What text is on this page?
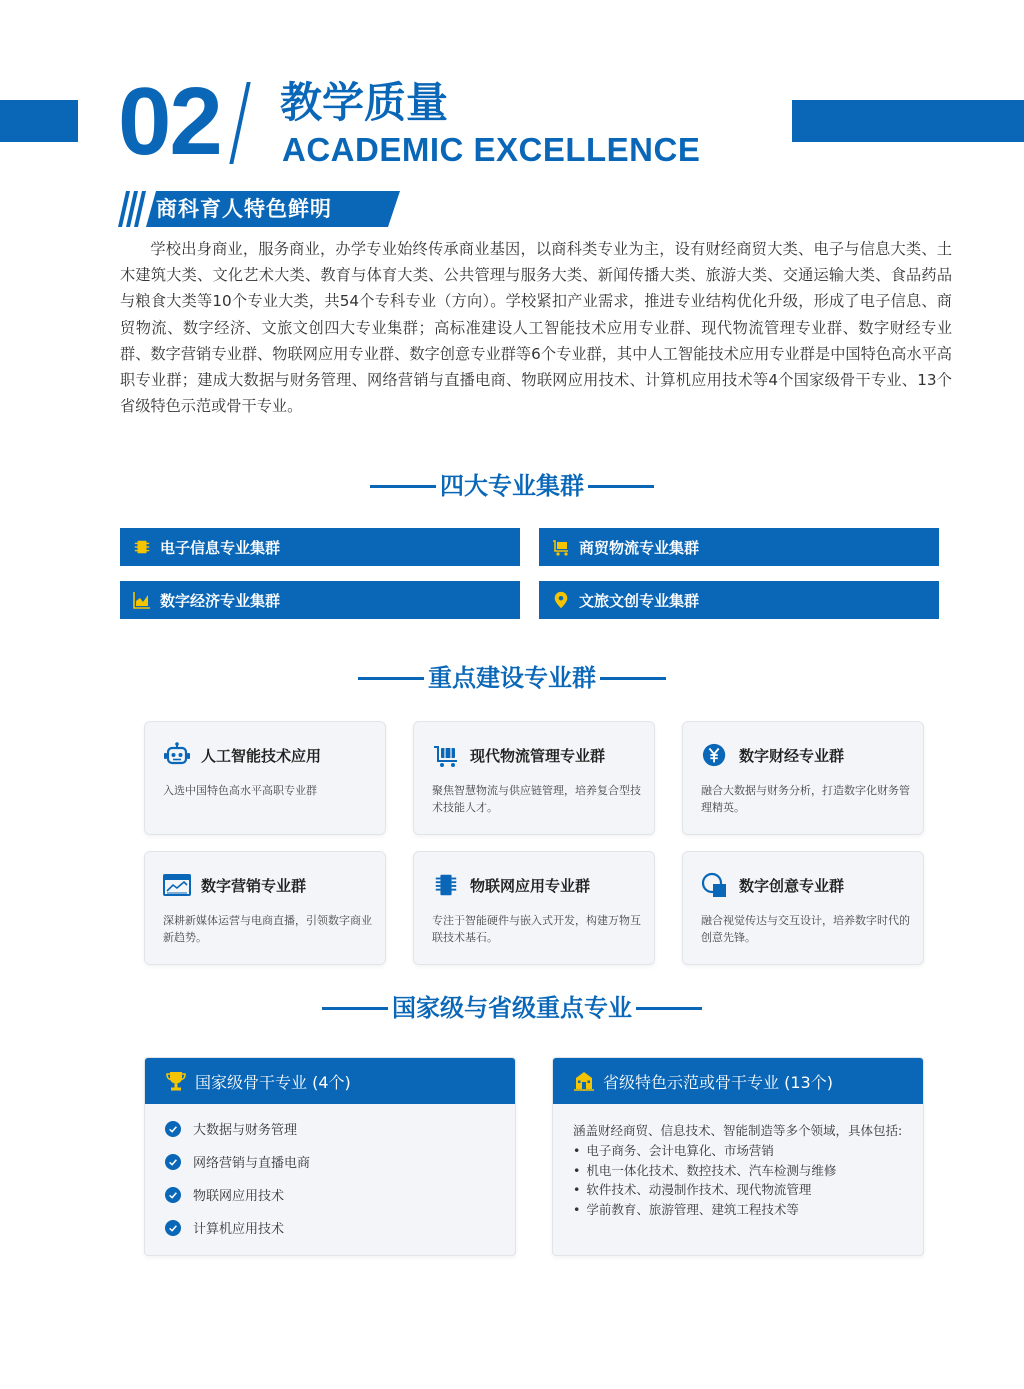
02 教学质量
ACADEMIC EXCELLENCE
商科育人特色鲜明
学校出身商业，服务商业，办学专业始终传承商业基因，以商科类专业为主，设有财经商贸大类、电子与信息大类、土木建筑大类、文化艺术大类、教育与体育大类、公共管理与服务大类、新闻传播大类、旅游大类、交通运输大类、食品药品与粮食大类等10个专业大类，共54个专科专业（方向）。学校紧扣产业需求，推进专业结构优化升级，形成了电子信息、商贸物流、数字经济、文旅文创四大专业集群；高标准建设人工智能技术应用专业群、现代物流管理专业群、数字财经专业群、数字营销专业群、物联网应用专业群、数字创意专业群等6个专业群，其中人工智能技术应用专业群是中国特色高水平高职专业群；建成大数据与财务管理、网络营销与直播电商、物联网应用技术、计算机应用技术等4个国家级骨干专业、13个省级特色示范或骨干专业。
四大专业集群
电子信息专业集群	商贸物流专业集群
数字经济专业集群	文旅文创专业集群
重点建设专业群
人工智能技术应用
入选中国特色高水平高职专业群
现代物流管理专业群
聚焦智慧物流与供应链管理，培养复合型技术技能人才。
数字财经专业群
融合大数据与财务分析，打造数字化财务管理精英。
数字营销专业群
深耕新媒体运营与电商直播，引领数字商业新趋势。
物联网应用专业群
专注于智能硬件与嵌入式开发，构建万物互联技术基石。
数字创意专业群
融合视觉传达与交互设计，培养数字时代的创意先锋。
国家级与省级重点专业
国家级骨干专业 (4个)
大数据与财务管理
网络营销与直播电商
物联网应用技术
计算机应用技术
省级特色示范或骨干专业 (13个)
涵盖财经商贸、信息技术、智能制造等多个领域，具体包括:
• 电子商务、会计电算化、市场营销
• 机电一体化技术、数控技术、汽车检测与维修
• 软件技术、动漫制作技术、现代物流管理
• 学前教育、旅游管理、建筑工程技术等
